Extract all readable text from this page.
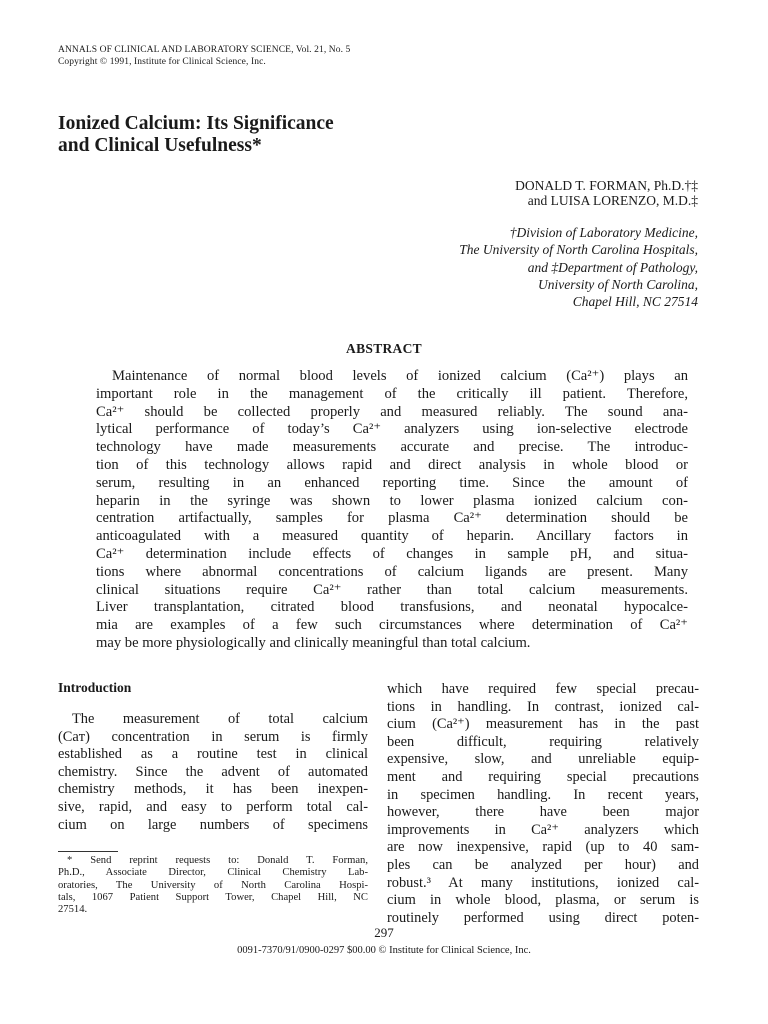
ANNALS OF CLINICAL AND LABORATORY SCIENCE, Vol. 21, No. 5
Copyright © 1991, Institute for Clinical Science, Inc.
Ionized Calcium: Its Significance
and Clinical Usefulness*
DONALD T. FORMAN, Ph.D.†‡
and LUISA LORENZO, M.D.‡
†Division of Laboratory Medicine,
The University of North Carolina Hospitals,
and ‡Department of Pathology,
University of North Carolina,
Chapel Hill, NC 27514
ABSTRACT
Maintenance of normal blood levels of ionized calcium (Ca²⁺) plays an
important role in the management of the critically ill patient. Therefore,
Ca²⁺ should be collected properly and measured reliably. The sound ana-
lytical performance of today’s Ca²⁺ analyzers using ion-selective electrode
technology have made measurements accurate and precise. The introduc-
tion of this technology allows rapid and direct analysis in whole blood or
serum, resulting in an enhanced reporting time. Since the amount of
heparin in the syringe was shown to lower plasma ionized calcium con-
centration artifactually, samples for plasma Ca²⁺ determination should be
anticoagulated with a measured quantity of heparin. Ancillary factors in
Ca²⁺ determination include effects of changes in sample pH, and situa-
tions where abnormal concentrations of calcium ligands are present. Many
clinical situations require Ca²⁺ rather than total calcium measurements.
Liver transplantation, citrated blood transfusions, and neonatal hypocalce-
mia are examples of a few such circumstances where determination of Ca²⁺
may be more physiologically and clinically meaningful than total calcium.
Introduction
The measurement of total calcium
(Caᴛ) concentration in serum is firmly
established as a routine test in clinical
chemistry. Since the advent of automated
chemistry methods, it has been inexpen-
sive, rapid, and easy to perform total cal-
cium on large numbers of specimens
which have required few special precau-
tions in handling. In contrast, ionized cal-
cium (Ca²⁺) measurement has in the past
been difficult, requiring relatively
expensive, slow, and unreliable equip-
ment and requiring special precautions
in specimen handling. In recent years,
however, there have been major
improvements in Ca²⁺ analyzers which
are now inexpensive, rapid (up to 40 sam-
ples can be analyzed per hour) and
robust.³ At many institutions, ionized cal-
cium in whole blood, plasma, or serum is
routinely performed using direct poten-
* Send reprint requests to: Donald T. Forman,
Ph.D., Associate Director, Clinical Chemistry Lab-
oratories, The University of North Carolina Hospi-
tals, 1067 Patient Support Tower, Chapel Hill, NC
27514.
297
0091-7370/91/0900-0297 $00.00 © Institute for Clinical Science, Inc.
